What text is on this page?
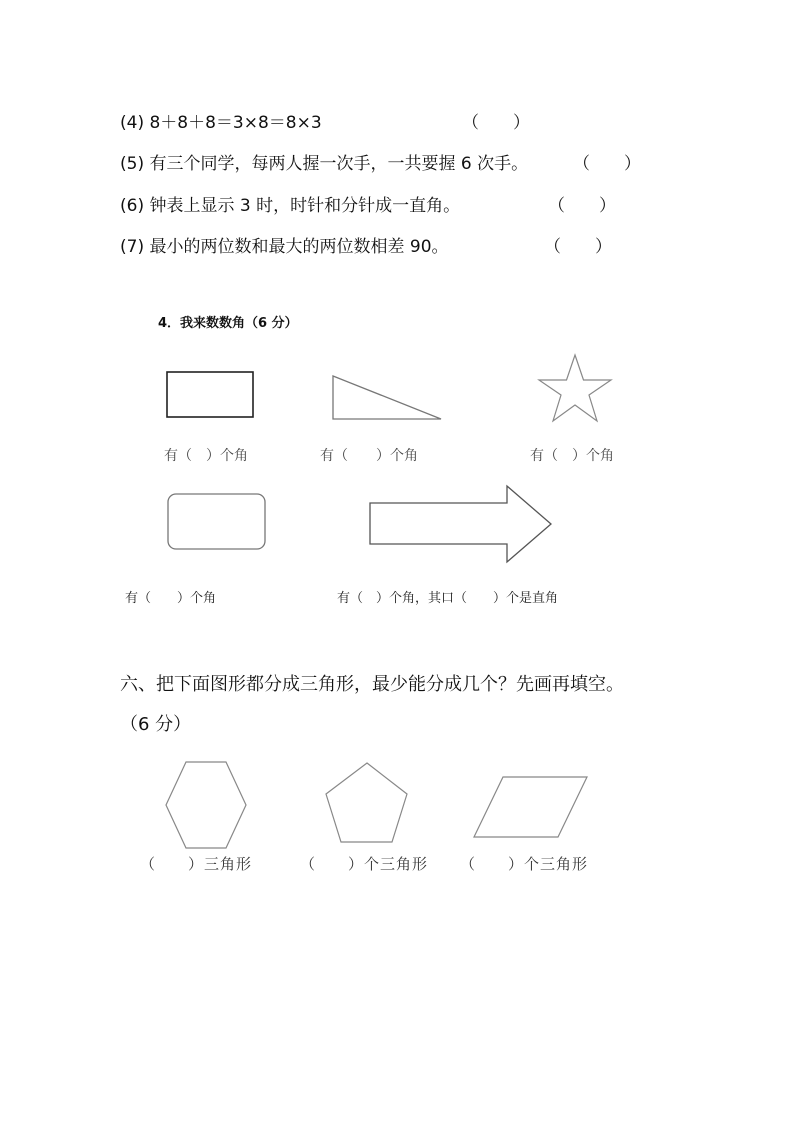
(4) 8＋8＋8＝3×8＝8×3	（　　）
(5) 有三个同学，每两人握一次手，一共要握 6 次手。	（　　）
(6) 钟表上显示 3 时，时针和分针成一直角。	（　　）
(7) 最小的两位数和最大的两位数相差 90。	（　　）
4．我来数数角（6 分）
有（　）个角	有（　　）个角	有（　）个角
有（　　）个角	有（　）个角，其口（　　）个是直角
六、把下面图形都分成三角形，最少能分成几个？先画再填空。
（6 分）
（　　）三角形	（　　）个三角形 （　　）个三角形
